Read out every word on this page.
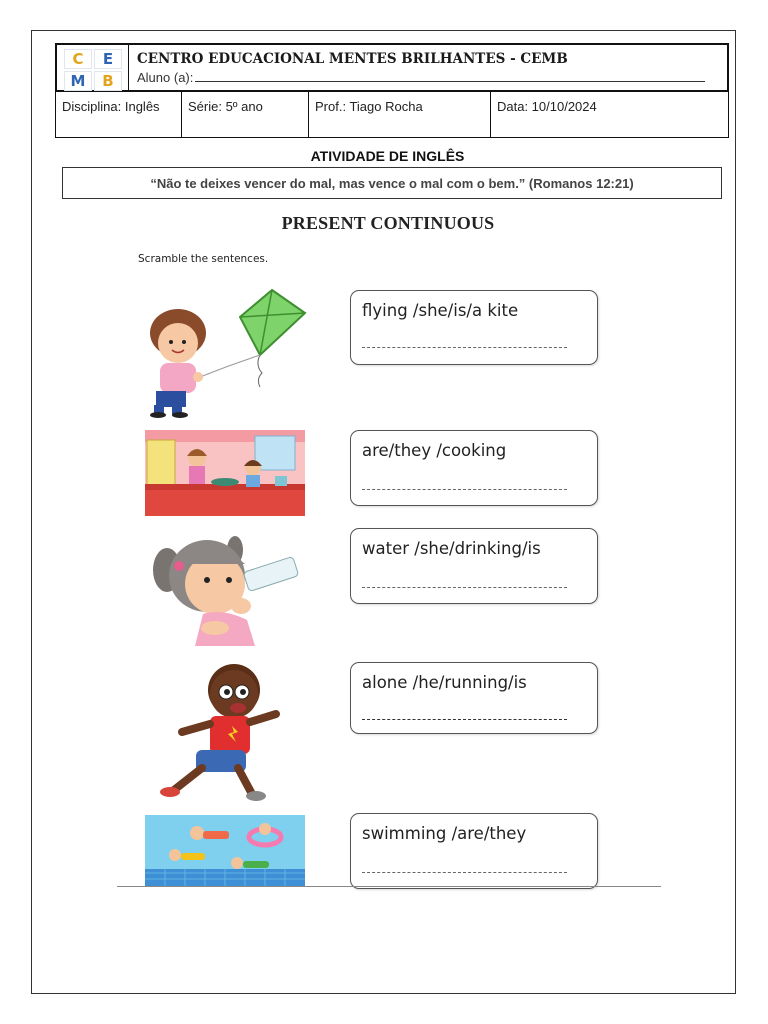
C	E
M	B
CENTRO EDUCACIONAL MENTES BRILHANTES - CEMB
Aluno (a):
Disciplina: Inglês	Série: 5º ano	Prof.: Tiago Rocha	Data: 10/10/2024
ATIVIDADE DE INGLÊS
“Não te deixes vencer do mal, mas vence o mal com o bem.” (Romanos 12:21)
PRESENT CONTINUOUS
Scramble the sentences.
flying /she/is/a kite
are/they /cooking
water /she/drinking/is
alone /he/running/is
swimming /are/they
